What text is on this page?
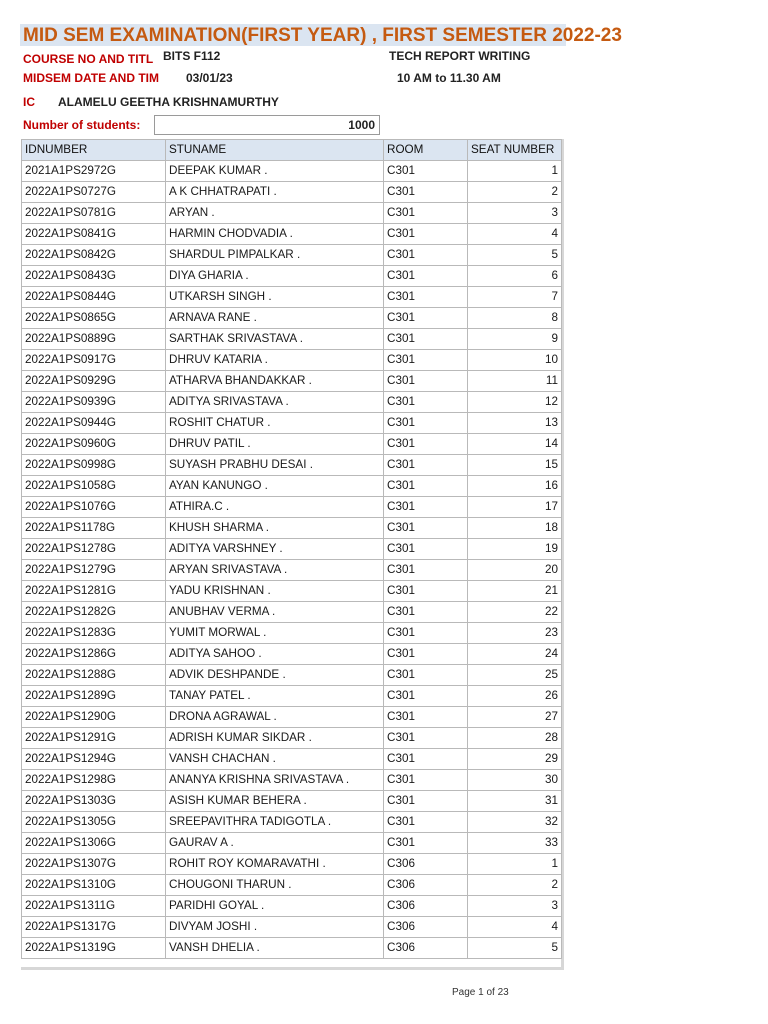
MID SEM EXAMINATION(FIRST YEAR) , FIRST SEMESTER 2022-23
COURSE NO AND TITL BITS F112	TECH REPORT WRITING
MIDSEM DATE AND TIM 03/01/23	10 AM to 11.30 AM
IC ALAMELU GEETHA KRISHNAMURTHY
Number of students:	1000
IDNUMBER	STUNAME	ROOM	SEAT NUMBER
2021A1PS2972G	DEEPAK KUMAR .	C301	1
2022A1PS0727G	A K CHHATRAPATI .	C301	2
2022A1PS0781G	ARYAN .	C301	3
2022A1PS0841G	HARMIN CHODVADIA .	C301	4
2022A1PS0842G	SHARDUL PIMPALKAR .	C301	5
2022A1PS0843G	DIYA GHARIA .	C301	6
2022A1PS0844G	UTKARSH SINGH .	C301	7
2022A1PS0865G	ARNAVA RANE .	C301	8
2022A1PS0889G	SARTHAK SRIVASTAVA .	C301	9
2022A1PS0917G	DHRUV KATARIA .	C301	10
2022A1PS0929G	ATHARVA BHANDAKKAR .	C301	11
2022A1PS0939G	ADITYA SRIVASTAVA .	C301	12
2022A1PS0944G	ROSHIT CHATUR .	C301	13
2022A1PS0960G	DHRUV PATIL .	C301	14
2022A1PS0998G	SUYASH PRABHU DESAI .	C301	15
2022A1PS1058G	AYAN KANUNGO .	C301	16
2022A1PS1076G	ATHIRA.C .	C301	17
2022A1PS1178G	KHUSH SHARMA .	C301	18
2022A1PS1278G	ADITYA VARSHNEY .	C301	19
2022A1PS1279G	ARYAN SRIVASTAVA .	C301	20
2022A1PS1281G	YADU KRISHNAN .	C301	21
2022A1PS1282G	ANUBHAV VERMA .	C301	22
2022A1PS1283G	YUMIT MORWAL .	C301	23
2022A1PS1286G	ADITYA SAHOO .	C301	24
2022A1PS1288G	ADVIK DESHPANDE .	C301	25
2022A1PS1289G	TANAY PATEL .	C301	26
2022A1PS1290G	DRONA AGRAWAL .	C301	27
2022A1PS1291G	ADRISH KUMAR SIKDAR .	C301	28
2022A1PS1294G	VANSH CHACHAN .	C301	29
2022A1PS1298G	ANANYA KRISHNA SRIVASTAVA .	C301	30
2022A1PS1303G	ASISH KUMAR BEHERA .	C301	31
2022A1PS1305G	SREEPAVITHRA TADIGOTLA .	C301	32
2022A1PS1306G	GAURAV A .	C301	33
2022A1PS1307G	ROHIT ROY KOMARAVATHI .	C306	1
2022A1PS1310G	CHOUGONI THARUN .	C306	2
2022A1PS1311G	PARIDHI GOYAL .	C306	3
2022A1PS1317G	DIVYAM JOSHI .	C306	4
2022A1PS1319G	VANSH DHELIA .	C306	5
Page 1 of 23
